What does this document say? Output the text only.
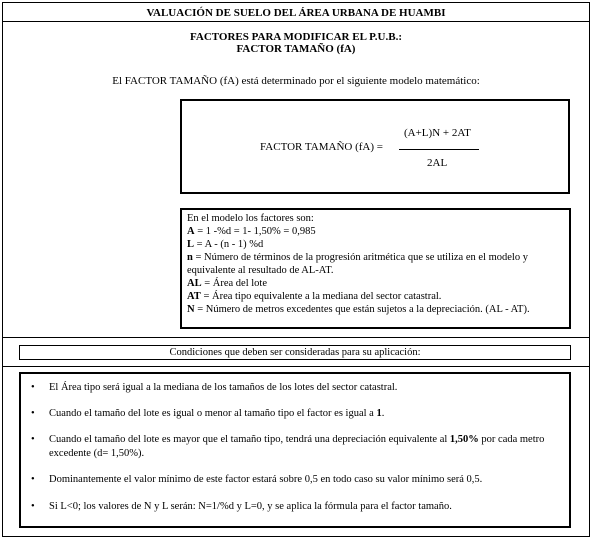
VALUACIÓN DE SUELO DEL ÁREA URBANA DE HUAMBI
FACTORES PARA MODIFICAR EL P.U.B.:
FACTOR TAMAÑO (fA)
El FACTOR TAMAÑO (fA) está determinado por el siguiente modelo matemático:
FACTOR TAMAÑO (fA) =
(A+L)N + 2AT
2AL

En el modelo los factores son:

A = 1 -%d = 1- 1,50% = 0,985

L = A - (n - 1) %d

n = Número de términos de la progresión aritmética que se utiliza en el modelo y equivalente al resultado de AL-AT.

AL = Área del lote

AT = Área tipo equivalente a la mediana del sector catastral.

N = Número de metros excedentes que están sujetos a la depreciación. (AL - AT).

Condiciones que deben ser consideradas para su aplicación:
• El Área tipo será igual a la mediana de los tamaños de los lotes del sector catastral.
• Cuando el tamaño del lote es igual o menor al tamaño tipo el factor es igual a 1.
• Cuando el tamaño del lote es mayor que el tamaño tipo, tendrá una depreciación equivalente al 1,50% por cada metro excedente (d= 1,50%).
• Dominantemente el valor mínimo de este factor estará sobre 0,5 en todo caso su valor mínimo será 0,5.
• Si L<0; los valores de N y L serán: N=1/%d y L=0, y se aplica la fórmula para el factor tamaño.
